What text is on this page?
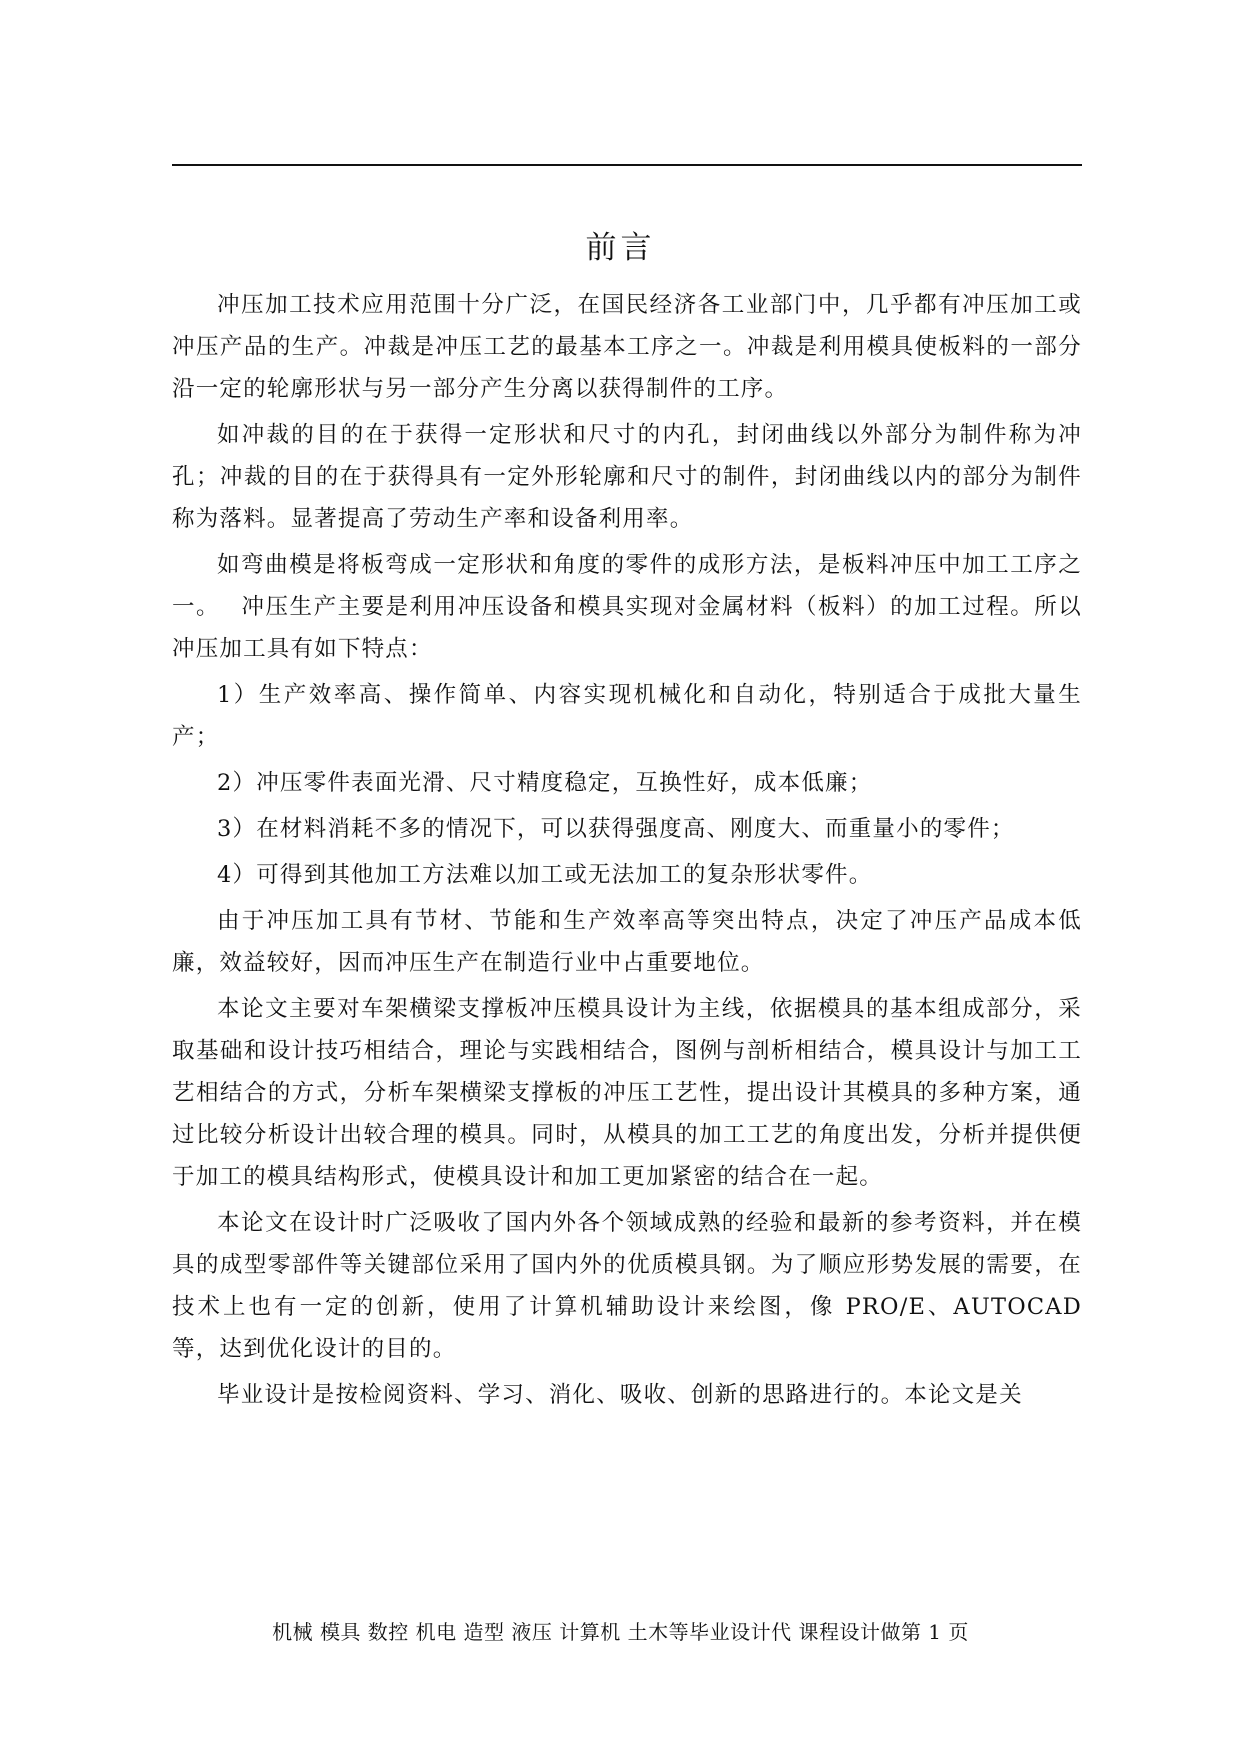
前言

冲压加工技术应用范围十分广泛，在国民经济各工业部门中，几乎都有冲压加工或冲压产品的生产。冲裁是冲压工艺的最基本工序之一。冲裁是利用模具使板料的一部分沿一定的轮廓形状与另一部分产生分离以获得制件的工序。

如冲裁的目的在于获得一定形状和尺寸的内孔，封闭曲线以外部分为制件称为冲孔；冲裁的目的在于获得具有一定外形轮廓和尺寸的制件，封闭曲线以内的部分为制件称为落料。显著提高了劳动生产率和设备利用率。

如弯曲模是将板弯成一定形状和角度的零件的成形方法，是板料冲压中加工工序之一。　 冲压生产主要是利用冲压设备和模具实现对金属材料（板料）的加工过程。所以冲压加工具有如下特点：

1）生产效率高、操作简单、内容实现机械化和自动化，特别适合于成批大量生产；

2）冲压零件表面光滑、尺寸精度稳定，互换性好，成本低廉；

3）在材料消耗不多的情况下，可以获得强度高、刚度大、而重量小的零件；

4）可得到其他加工方法难以加工或无法加工的复杂形状零件。

由于冲压加工具有节材、节能和生产效率高等突出特点，决定了冲压产品成本低廉，效益较好，因而冲压生产在制造行业中占重要地位。

本论文主要对车架横梁支撑板冲压模具设计为主线，依据模具的基本组成部分，采取基础和设计技巧相结合，理论与实践相结合，图例与剖析相结合，模具设计与加工工艺相结合的方式，分析车架横梁支撑板的冲压工艺性，提出设计其模具的多种方案，通过比较分析设计出较合理的模具。同时，从模具的加工工艺的角度出发，分析并提供便于加工的模具结构形式，使模具设计和加工更加紧密的结合在一起。

本论文在设计时广泛吸收了国内外各个领域成熟的经验和最新的参考资料，并在模具的成型零部件等关键部位采用了国内外的优质模具钢。为了顺应形势发展的需要，在技术上也有一定的创新，使用了计算机辅助设计来绘图，像 PRO/E、AUTOCAD 等，达到优化设计的目的。

毕业设计是按检阅资料、学习、消化、吸收、创新的思路进行的。本论文是关

机械 模具 数控 机电 造型 液压 计算机 土木等毕业设计代 课程设计做第 1 页
